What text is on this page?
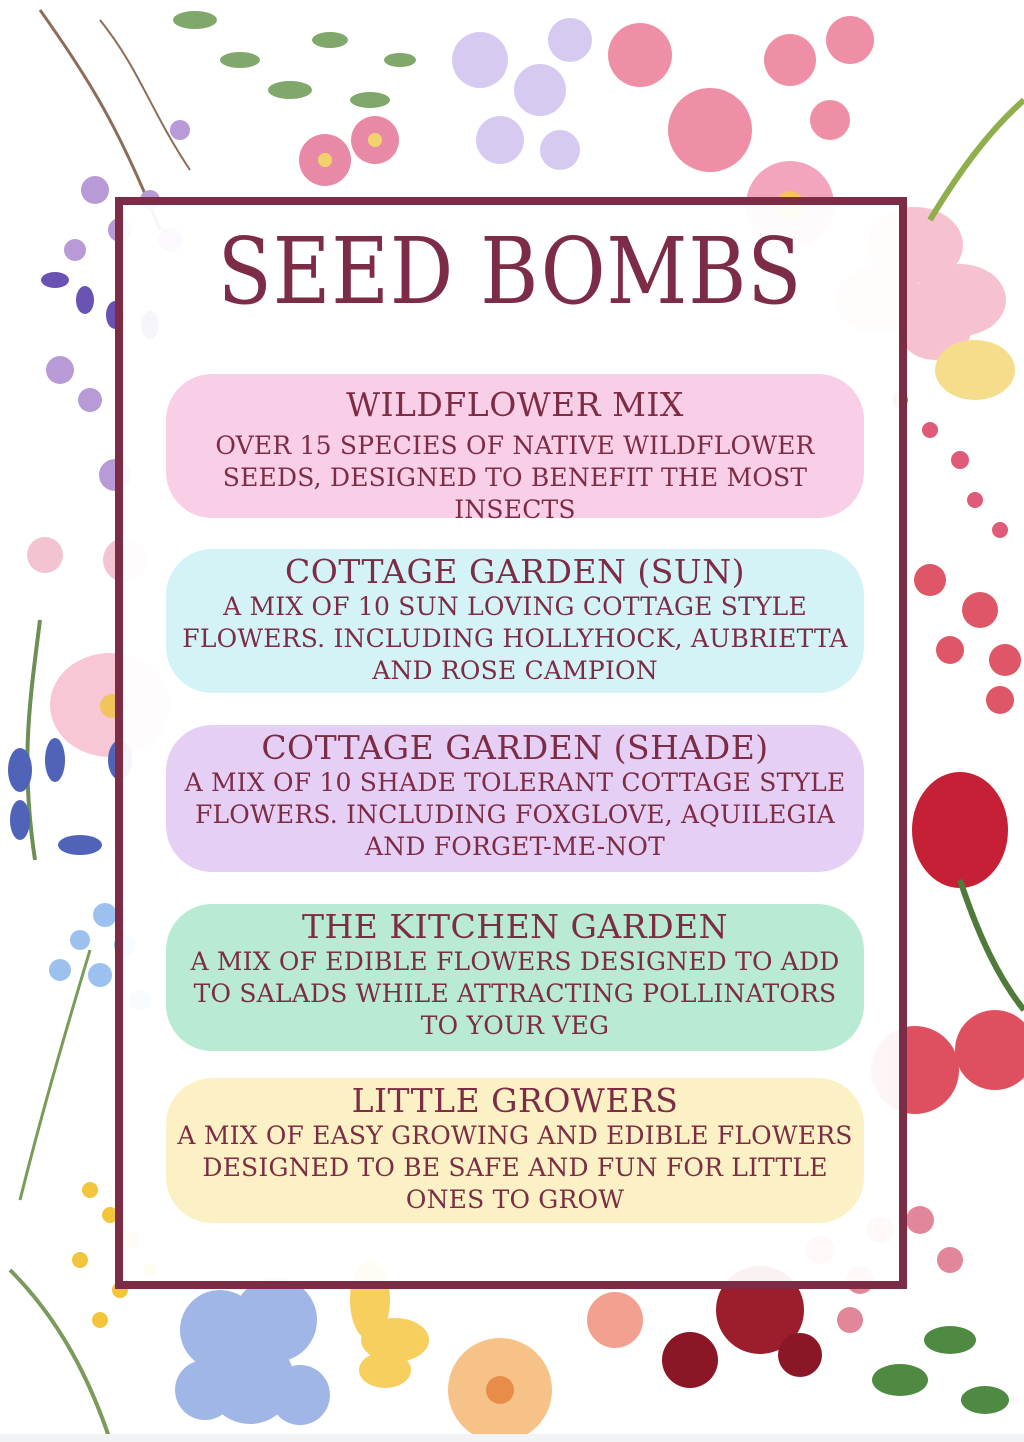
SEED BOMBS
WILDFLOWER MIX
OVER 15 SPECIES OF NATIVE WILDFLOWER SEEDS, DESIGNED TO BENEFIT THE MOST INSECTS
COTTAGE GARDEN (SUN)
A MIX OF 10 SUN LOVING COTTAGE STYLE FLOWERS. INCLUDING HOLLYHOCK, AUBRIETTA AND ROSE CAMPION
COTTAGE GARDEN (SHADE)
A MIX OF 10 SHADE TOLERANT COTTAGE STYLE FLOWERS. INCLUDING FOXGLOVE, AQUILEGIA AND FORGET-ME-NOT
THE KITCHEN GARDEN
A MIX OF EDIBLE FLOWERS DESIGNED TO ADD TO SALADS WHILE ATTRACTING POLLINATORS TO YOUR VEG
LITTLE GROWERS
A MIX OF EASY GROWING AND EDIBLE FLOWERS DESIGNED TO BE SAFE AND FUN FOR LITTLE ONES TO GROW
